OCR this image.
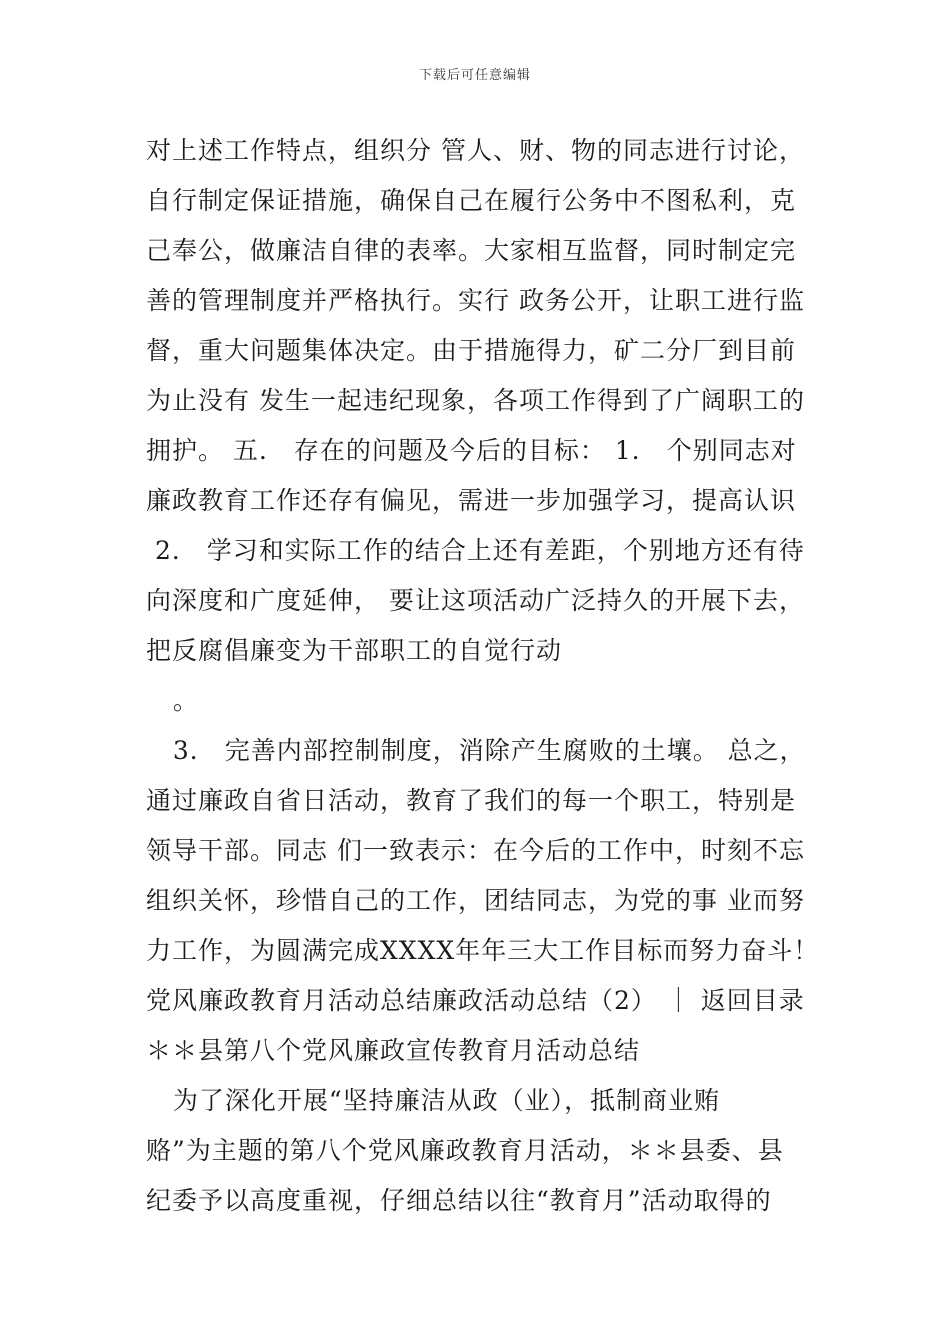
下载后可任意编辑
对上述工作特点，组织分 管人、财、物的同志进行讨论，
自行制定保证措施，确保自己在履行公务中不图私利，克
己奉公，做廉洁自律的表率。大家相互监督，同时制定完
善的管理制度并严格执行。实行 政务公开，让职工进行监
督，重大问题集体决定。由于措施得力，矿二分厂到目前
为止没有 发生一起违纪现象，各项工作得到了广阔职工的
拥护。 五． 存在的问题及今后的目标： 1． 个别同志对
廉政教育工作还存有偏见，需进一步加强学习，提高认识
2． 学习和实际工作的结合上还有差距，个别地方还有待
向深度和广度延伸， 要让这项活动广泛持久的开展下去，
把反腐倡廉变为干部职工的自觉行动
。
3． 完善内部控制制度，消除产生腐败的土壤。 总之，
通过廉政自省日活动，教育了我们的每一个职工，特别是
领导干部。同志 们一致表示：在今后的工作中，时刻不忘
组织关怀，珍惜自己的工作，团结同志，为党的事 业而努
力工作，为圆满完成XXXX年年三大工作目标而努力奋斗！
党风廉政教育月活动总结廉政活动总结（2） ｜ 返回目录
＊＊县第八个党风廉政宣传教育月活动总结
为了深化开展“坚持廉洁从政（业），抵制商业贿
赂”为主题的第八个党风廉政教育月活动，＊＊县委、县
纪委予以高度重视，仔细总结以往“教育月”活动取得的
